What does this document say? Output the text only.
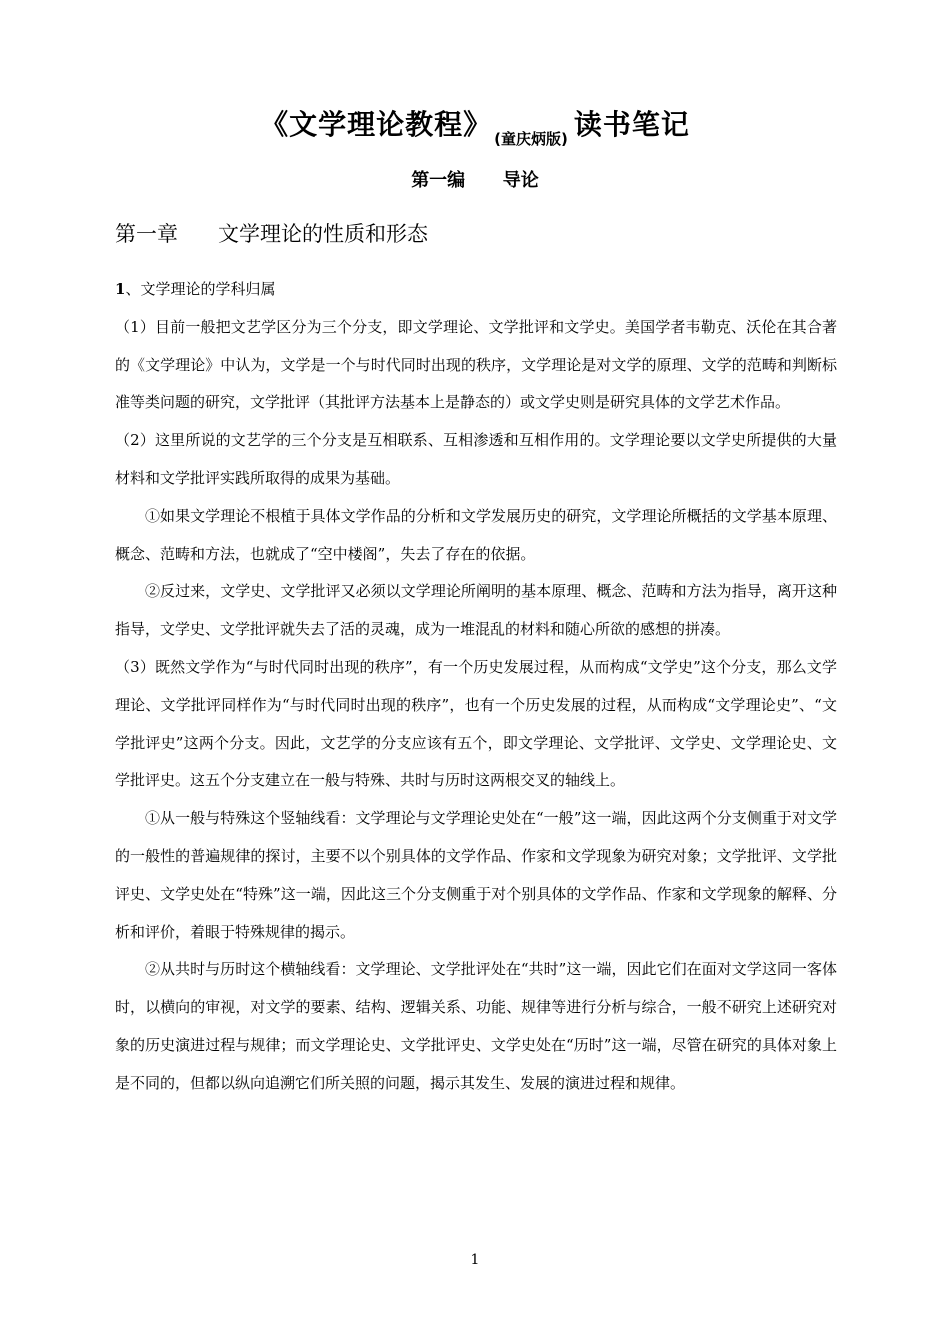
《文学理论教程》 (童庆炳版) 读书笔记
第一编      导论
第一章      文学理论的性质和形态

1、文学理论的学科归属

（1）目前一般把文艺学区分为三个分支，即文学理论、文学批评和文学史。美国学者韦勒克、沃伦在其合著的《文学理论》中认为，文学是一个与时代同时出现的秩序，文学理论是对文学的原理、文学的范畴和判断标准等类问题的研究，文学批评（其批评方法基本上是静态的）或文学史则是研究具体的文学艺术作品。

（2）这里所说的文艺学的三个分支是互相联系、互相渗透和互相作用的。文学理论要以文学史所提供的大量材料和文学批评实践所取得的成果为基础。

①如果文学理论不根植于具体文学作品的分析和文学发展历史的研究，文学理论所概括的文学基本原理、概念、范畴和方法，也就成了“空中楼阁”，失去了存在的依据。

②反过来，文学史、文学批评又必须以文学理论所阐明的基本原理、概念、范畴和方法为指导，离开这种指导，文学史、文学批评就失去了活的灵魂，成为一堆混乱的材料和随心所欲的感想的拼凑。

（3）既然文学作为“与时代同时出现的秩序”，有一个历史发展过程，从而构成“文学史”这个分支，那么文学理论、文学批评同样作为“与时代同时出现的秩序”，也有一个历史发展的过程，从而构成“文学理论史”、“文学批评史”这两个分支。因此，文艺学的分支应该有五个，即文学理论、文学批评、文学史、文学理论史、文学批评史。这五个分支建立在一般与特殊、共时与历时这两根交叉的轴线上。

①从一般与特殊这个竖轴线看：文学理论与文学理论史处在“一般”这一端，因此这两个分支侧重于对文学的一般性的普遍规律的探讨，主要不以个别具体的文学作品、作家和文学现象为研究对象；文学批评、文学批评史、文学史处在“特殊”这一端，因此这三个分支侧重于对个别具体的文学作品、作家和文学现象的解释、分析和评价，着眼于特殊规律的揭示。

②从共时与历时这个横轴线看：文学理论、文学批评处在“共时”这一端，因此它们在面对文学这同一客体时，以横向的审视，对文学的要素、结构、逻辑关系、功能、规律等进行分析与综合，一般不研究上述研究对象的历史演进过程与规律；而文学理论史、文学批评史、文学史处在“历时”这一端，尽管在研究的具体对象上是不同的，但都以纵向追溯它们所关照的问题，揭示其发生、发展的演进过程和规律。

1
